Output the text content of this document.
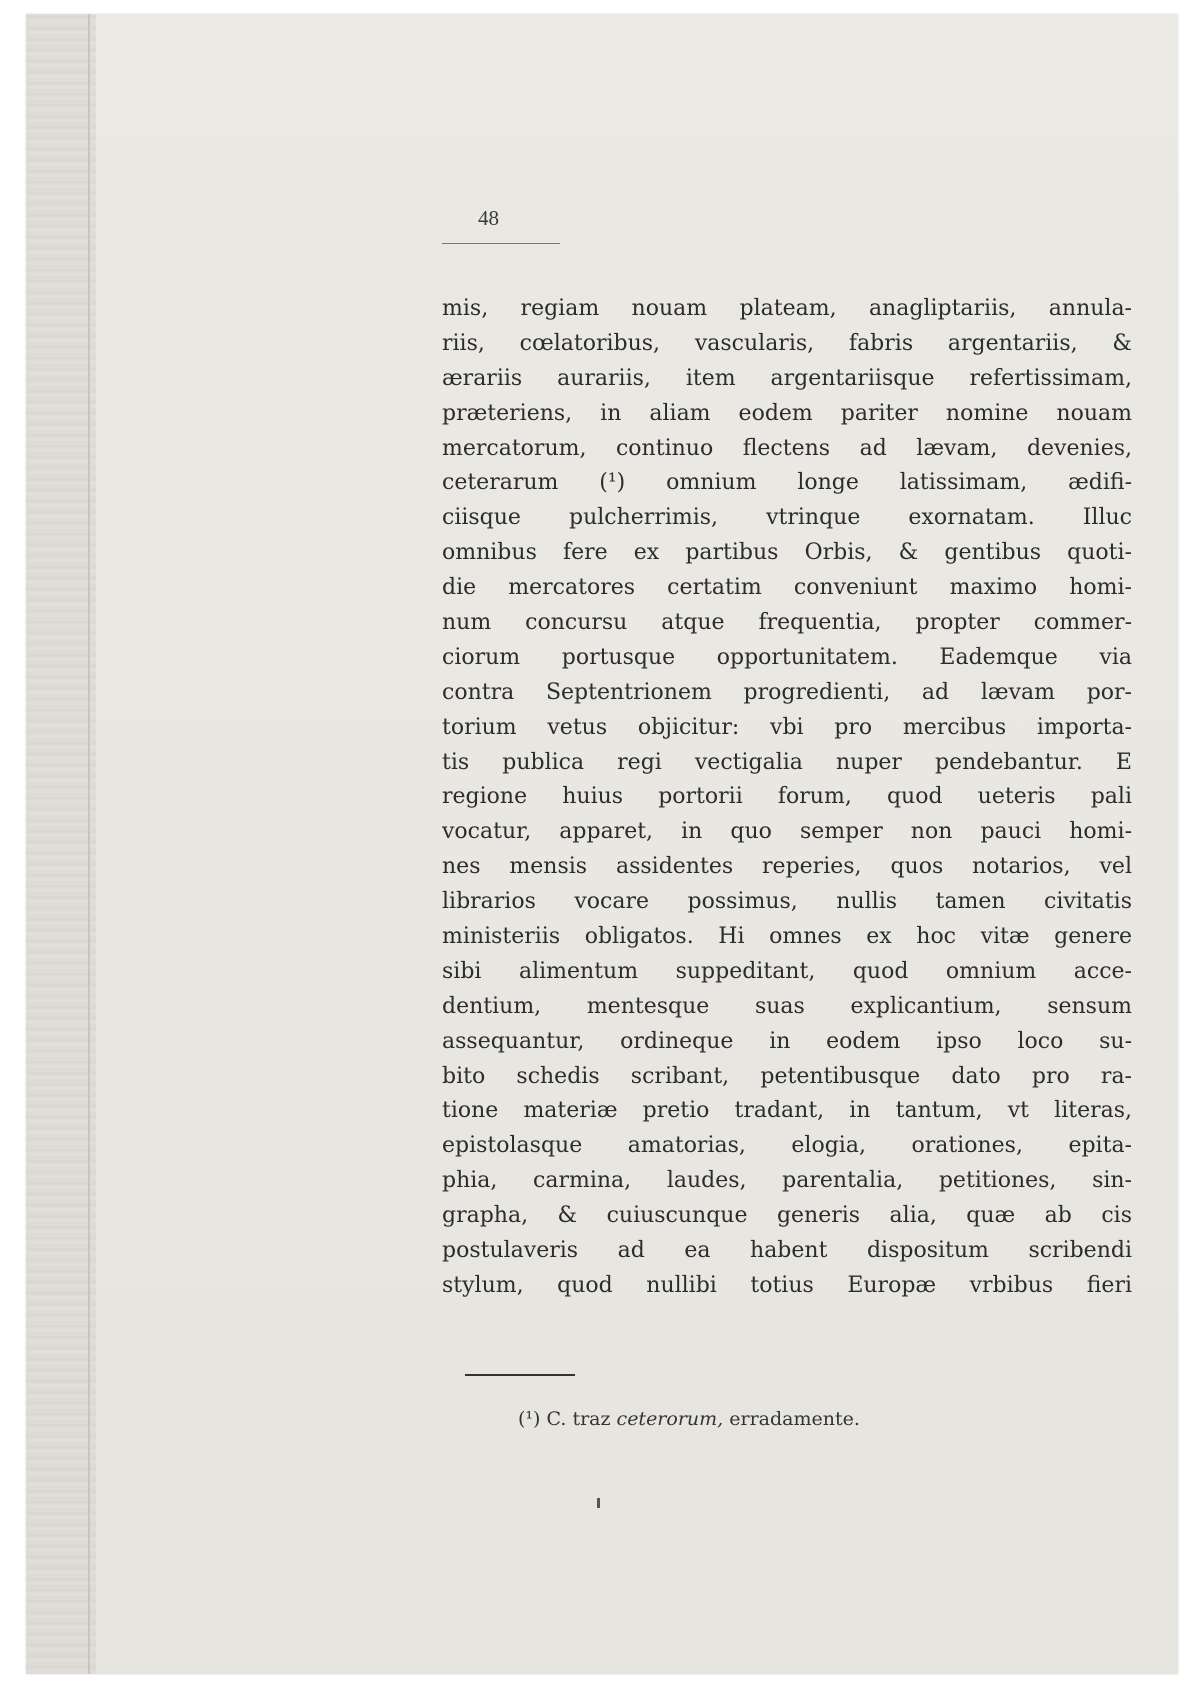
48
mis, regiam nouam plateam, anagliptariis, annula-
riis, cœlatoribus, vascularis, fabris argentariis, &
ærariis aurariis, item argentariisque refertissimam,
præteriens, in aliam eodem pariter nomine nouam
mercatorum, continuo flectens ad lævam, devenies,
ceterarum (¹) omnium longe latissimam, ædifi-
ciisque pulcherrimis, vtrinque exornatam. Illuc
omnibus fere ex partibus Orbis, & gentibus quoti-
die mercatores certatim conveniunt maximo homi-
num concursu atque frequentia, propter commer-
ciorum portusque opportunitatem. Eademque via
contra Septentrionem progredienti, ad lævam por-
torium vetus objicitur: vbi pro mercibus importa-
tis publica regi vectigalia nuper pendebantur. E
regione huius portorii forum, quod ueteris pali
vocatur, apparet, in quo semper non pauci homi-
nes mensis assidentes reperies, quos notarios, vel
librarios vocare possimus, nullis tamen civitatis
ministeriis obligatos. Hi omnes ex hoc vitæ genere
sibi alimentum suppeditant, quod omnium acce-
dentium, mentesque suas explicantium, sensum
assequantur, ordineque in eodem ipso loco su-
bito schedis scribant, petentibusque dato pro ra-
tione materiæ pretio tradant, in tantum, vt literas,
epistolasque amatorias, elogia, orationes, epita-
phia, carmina, laudes, parentalia, petitiones, sin-
grapha, & cuiuscunque generis alia, quæ ab cis
postulaveris ad ea habent dispositum scribendi
stylum, quod nullibi totius Europæ vrbibus fieri
(¹) C. traz ceterorum, erradamente.
